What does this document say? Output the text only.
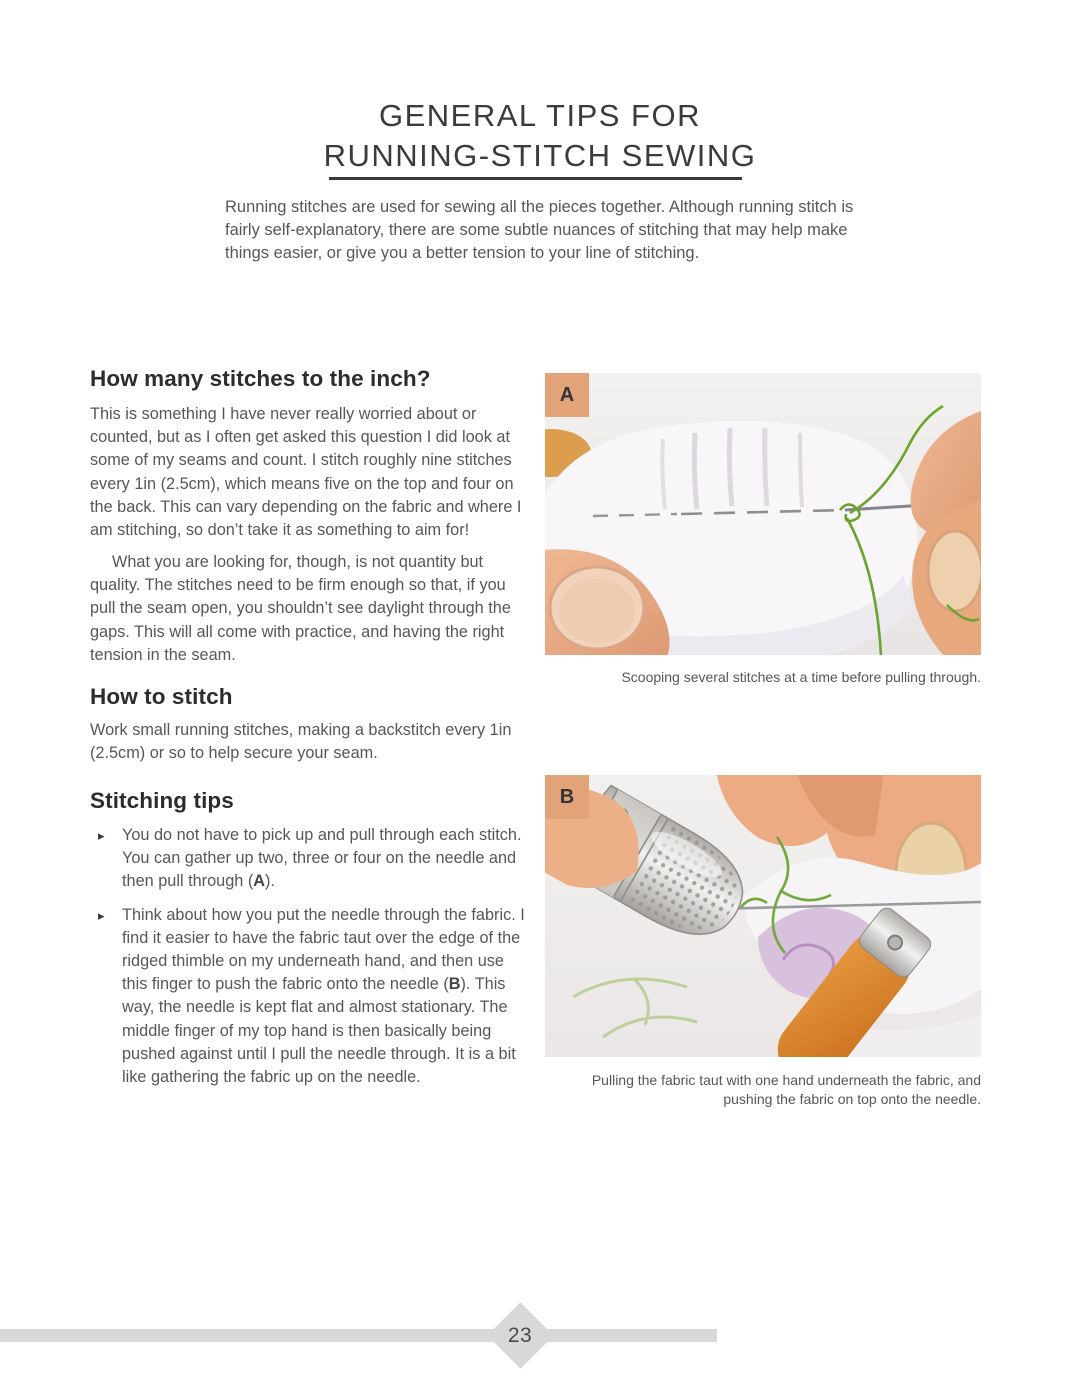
GENERAL TIPS FOR
RUNNING-STITCH SEWING

Running stitches are used for sewing all the pieces together. Although running stitch is fairly self-explanatory, there are some subtle nuances of stitching that may help make things easier, or give you a better tension to your line of stitching.

How many stitches to the inch?

This is something I have never really worried about or counted, but as I often get asked this question I did look at some of my seams and count. I stitch roughly nine stitches every 1in (2.5cm), which means five on the top and four on the back. This can vary depending on the fabric and where I am stitching, so don’t take it as something to aim for!

What you are looking for, though, is not quantity but quality. The stitches need to be firm enough so that, if you pull the seam open, you shouldn’t see daylight through the gaps. This will all come with practice, and having the right tension in the seam.

How to stitch

Work small running stitches, making a backstitch every 1in (2.5cm) or so to help secure your seam.

Stitching tips
▸ You do not have to pick up and pull through each stitch. You can gather up two, three or four on the needle and then pull through (A).
▸ Think about how you put the needle through the fabric. I find it easier to have the fabric taut over the edge of the ridged thimble on my underneath hand, and then use this finger to push the fabric onto the needle (B). This way, the needle is kept flat and almost stationary. The middle finger of my top hand is then basically being pushed against until I pull the needle through. It is a bit like gathering the fabric up on the needle.
A
Scooping several stitches at a time before pulling through.
B
Pulling the fabric taut with one hand underneath the fabric, and pushing the fabric on top onto the needle.
23
